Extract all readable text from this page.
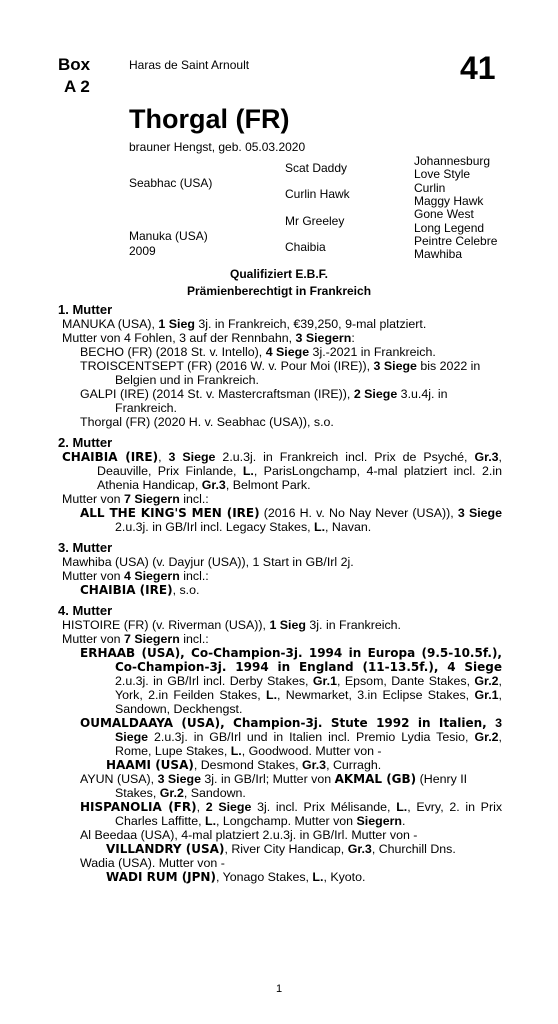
Box
A 2
Haras de Saint Arnoult	41
Thorgal (FR)
brauner Hengst, geb. 05.03.2020
Seabhac (USA)
Manuka (USA)
2009
Scat Daddy
Curlin Hawk
Mr Greeley
Chaibia
Johannesburg
Love Style
Curlin
Maggy Hawk
Gone West
Long Legend
Peintre Celebre
Mawhiba
Qualifiziert E.B.F.
Prämienberechtigt in Frankreich
1. Mutter
MANUKA (USA), 1 Sieg 3j. in Frankreich, €39,250, 9-mal platziert.
Mutter von 4 Fohlen, 3 auf der Rennbahn, 3 Siegern:
BECHO (FR) (2018 St. v. Intello), 4 Siege 3j.-2021 in Frankreich.
TROISCENTSEPT (FR) (2016 W. v. Pour Moi (IRE)), 3 Siege bis 2022 in Belgien und in Frankreich.
GALPI (IRE) (2014 St. v. Mastercraftsman (IRE)), 2 Siege 3.u.4j. in Frankreich.
Thorgal (FR) (2020 H. v. Seabhac (USA)), s.o.
2. Mutter
CHAIBIA (IRE), 3 Siege 2.u.3j. in Frankreich incl. Prix de Psyché, Gr.3, Deauville, Prix Finlande, L., ParisLongchamp, 4-mal platziert incl. 2.in Athenia Handicap, Gr.3, Belmont Park.
Mutter von 7 Siegern incl.:
ALL THE KING'S MEN (IRE) (2016 H. v. No Nay Never (USA)), 3 Siege 2.u.3j. in GB/Irl incl. Legacy Stakes, L., Navan.
3. Mutter
Mawhiba (USA) (v. Dayjur (USA)), 1 Start in GB/Irl 2j.
Mutter von 4 Siegern incl.:
CHAIBIA (IRE), s.o.
4. Mutter
HISTOIRE (FR) (v. Riverman (USA)), 1 Sieg 3j. in Frankreich.
Mutter von 7 Siegern incl.:
ERHAAB (USA), Co-Champion-3j. 1994 in Europa (9.5-10.5f.), Co-Champion-3j. 1994 in England (11-13.5f.), 4 Siege 2.u.3j. in GB/Irl incl. Derby Stakes, Gr.1, Epsom, Dante Stakes, Gr.2, York, 2.in Feilden Stakes, L., Newmarket, 3.in Eclipse Stakes, Gr.1, Sandown, Deckhengst.
OUMALDAAYA (USA), Champion-3j. Stute 1992 in Italien, 3 Siege 2.u.3j. in GB/Irl und in Italien incl. Premio Lydia Tesio, Gr.2, Rome, Lupe Stakes, L., Goodwood. Mutter von -
HAAMI (USA), Desmond Stakes, Gr.3, Curragh.
AYUN (USA), 3 Siege 3j. in GB/Irl; Mutter von AKMAL (GB) (Henry II Stakes, Gr.2, Sandown.
HISPANOLIA (FR), 2 Siege 3j. incl. Prix Mélisande, L., Evry, 2. in Prix Charles Laffitte, L., Longchamp. Mutter von Siegern.
Al Beedaa (USA), 4-mal platziert 2.u.3j. in GB/Irl. Mutter von -
VILLANDRY (USA), River City Handicap, Gr.3, Churchill Dns.
Wadia (USA). Mutter von -
WADI RUM (JPN), Yonago Stakes, L., Kyoto.
1
